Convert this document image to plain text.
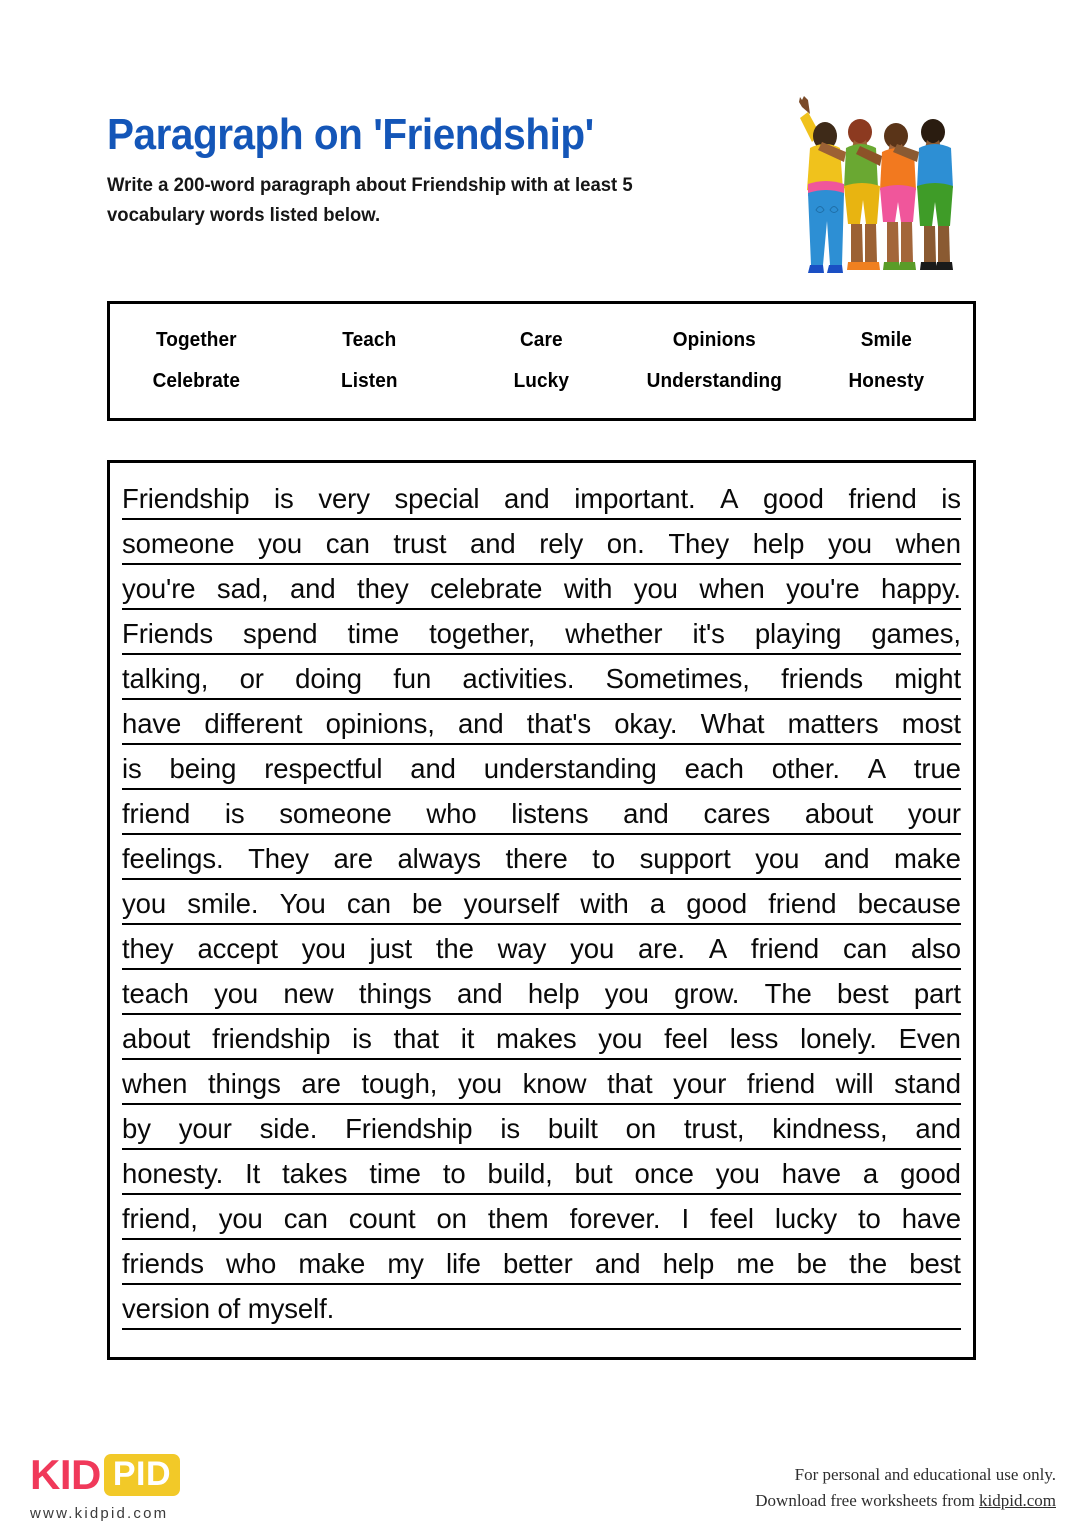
Paragraph on 'Friendship'

Write a 200-word paragraph about Friendship with at least 5 vocabulary words listed below.

Together	Teach	Care	Opinions	Smile
Celebrate	Listen	Lucky	Understanding	Honesty
Friendship is very special and important. A good friend is
someone you can trust and rely on. They help you when
you're sad, and they celebrate with you when you're happy.
Friends spend time together, whether it's playing games,
talking, or doing fun activities. Sometimes, friends might
have different opinions, and that's okay. What matters most
is being respectful and understanding each other. A true
friend is someone who listens and cares about your
feelings. They are always there to support you and make
you smile. You can be yourself with a good friend because
they accept you just the way you are. A friend can also
teach you new things and help you grow. The best part
about friendship is that it makes you feel less lonely. Even
when things are tough, you know that your friend will stand
by your side. Friendship is built on trust, kindness, and
honesty. It takes time to build, but once you have a good
friend, you can count on them forever. I feel lucky to have
friends who make my life better and help me be the best
version of myself.
KID PID
www.kidpid.com
For personal and educational use only.
Download free worksheets from kidpid.com
